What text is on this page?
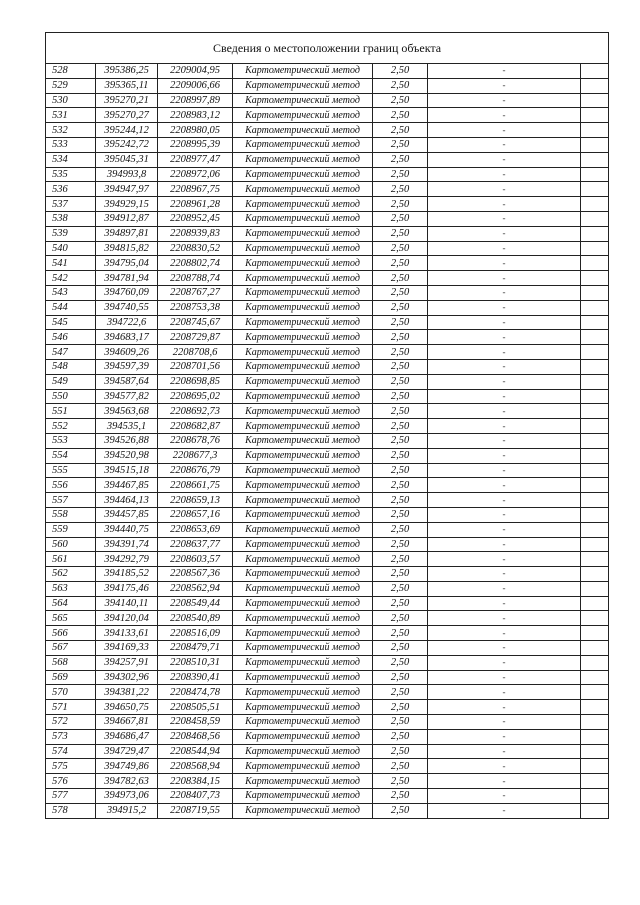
Сведения о местоположении границ объекта						
528	395386,25	2209004,95	Картометрический метод	2,50	-	
529	395365,11	2209006,66	Картометрический метод	2,50	-	
530	395270,21	2208997,89	Картометрический метод	2,50	-	
531	395270,27	2208983,12	Картометрический метод	2,50	-	
532	395244,12	2208980,05	Картометрический метод	2,50	-	
533	395242,72	2208995,39	Картометрический метод	2,50	-	
534	395045,31	2208977,47	Картометрический метод	2,50	-	
535	394993,8	2208972,06	Картометрический метод	2,50	-	
536	394947,97	2208967,75	Картометрический метод	2,50	-	
537	394929,15	2208961,28	Картометрический метод	2,50	-	
538	394912,87	2208952,45	Картометрический метод	2,50	-	
539	394897,81	2208939,83	Картометрический метод	2,50	-	
540	394815,82	2208830,52	Картометрический метод	2,50	-	
541	394795,04	2208802,74	Картометрический метод	2,50	-	
542	394781,94	2208788,74	Картометрический метод	2,50	-	
543	394760,09	2208767,27	Картометрический метод	2,50	-	
544	394740,55	2208753,38	Картометрический метод	2,50	-	
545	394722,6	2208745,67	Картометрический метод	2,50	-	
546	394683,17	2208729,87	Картометрический метод	2,50	-	
547	394609,26	2208708,6	Картометрический метод	2,50	-	
548	394597,39	2208701,56	Картометрический метод	2,50	-	
549	394587,64	2208698,85	Картометрический метод	2,50	-	
550	394577,82	2208695,02	Картометрический метод	2,50	-	
551	394563,68	2208692,73	Картометрический метод	2,50	-	
552	394535,1	2208682,87	Картометрический метод	2,50	-	
553	394526,88	2208678,76	Картометрический метод	2,50	-	
554	394520,98	2208677,3	Картометрический метод	2,50	-	
555	394515,18	2208676,79	Картометрический метод	2,50	-	
556	394467,85	2208661,75	Картометрический метод	2,50	-	
557	394464,13	2208659,13	Картометрический метод	2,50	-	
558	394457,85	2208657,16	Картометрический метод	2,50	-	
559	394440,75	2208653,69	Картометрический метод	2,50	-	
560	394391,74	2208637,77	Картометрический метод	2,50	-	
561	394292,79	2208603,57	Картометрический метод	2,50	-	
562	394185,52	2208567,36	Картометрический метод	2,50	-	
563	394175,46	2208562,94	Картометрический метод	2,50	-	
564	394140,11	2208549,44	Картометрический метод	2,50	-	
565	394120,04	2208540,89	Картометрический метод	2,50	-	
566	394133,61	2208516,09	Картометрический метод	2,50	-	
567	394169,33	2208479,71	Картометрический метод	2,50	-	
568	394257,91	2208510,31	Картометрический метод	2,50	-	
569	394302,96	2208390,41	Картометрический метод	2,50	-	
570	394381,22	2208474,78	Картометрический метод	2,50	-	
571	394650,75	2208505,51	Картометрический метод	2,50	-	
572	394667,81	2208458,59	Картометрический метод	2,50	-	
573	394686,47	2208468,56	Картометрический метод	2,50	-	
574	394729,47	2208544,94	Картометрический метод	2,50	-	
575	394749,86	2208568,94	Картометрический метод	2,50	-	
576	394782,63	2208384,15	Картометрический метод	2,50	-	
577	394973,06	2208407,73	Картометрический метод	2,50	-	
578	394915,2	2208719,55	Картометрический метод	2,50	-	
